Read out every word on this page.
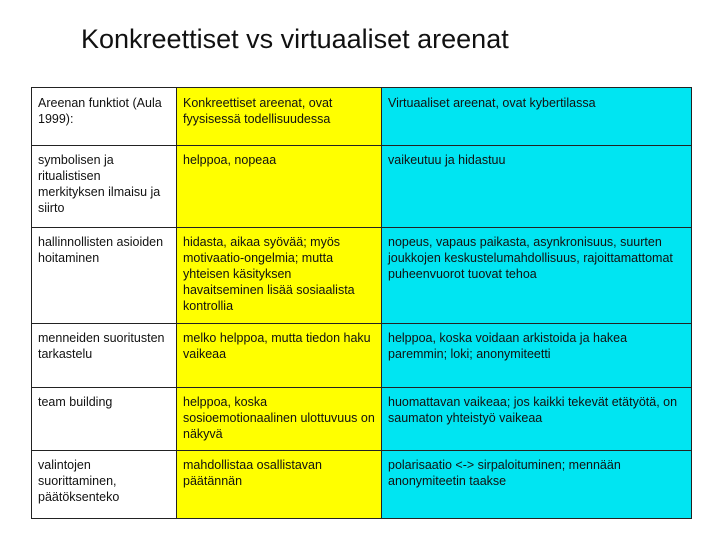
Konkreettiset vs virtuaaliset areenat
Areenan funktiot (Aula 1999):	Konkreettiset areenat, ovat fyysisessä todellisuudessa	Virtuaaliset areenat, ovat kybertilassa
symbolisen ja ritualistisen merkityksen ilmaisu ja siirto	helppoa, nopeaa	vaikeutuu ja hidastuu
hallinnollisten asioiden hoitaminen	hidasta, aikaa syövää; myös motivaatio-ongelmia; mutta yhteisen käsityksen havaitseminen lisää sosiaalista kontrollia	nopeus, vapaus paikasta, asynkronisuus, suurten joukkojen keskustelumahdollisuus, rajoittamattomat puheenvuorot tuovat tehoa
menneiden suoritusten tarkastelu	melko helppoa, mutta tiedon haku vaikeaa	helppoa, koska voidaan arkistoida ja hakea paremmin; loki; anonymiteetti
team building	helppoa, koska sosioemotionaalinen ulottuvuus on näkyvä	huomattavan vaikeaa; jos kaikki tekevät etätyötä, on saumaton yhteistyö vaikeaa
valintojen suorittaminen, päätöksenteko	mahdollistaa osallistavan päätännän	polarisaatio <-> sirpaloituminen; mennään anonymiteetin taakse
